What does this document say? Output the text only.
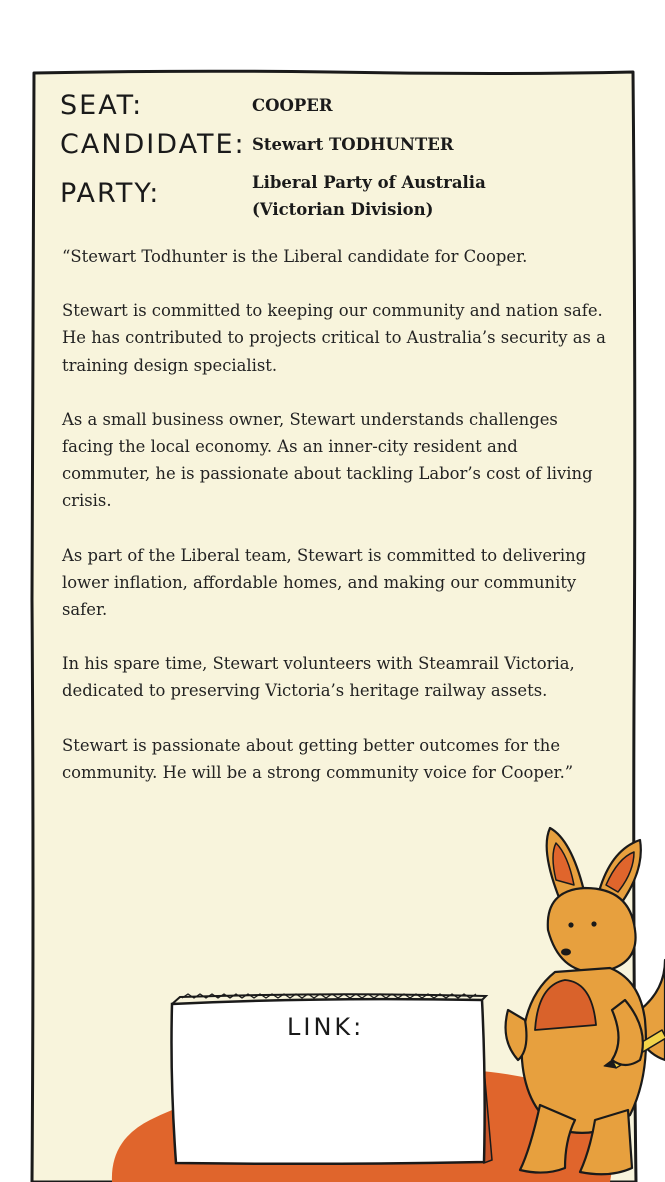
SEAT:	COOPER
CANDIDATE: Stewart TODHUNTER
PARTY:	Liberal Party of Australia
(Victorian Division)

“Stewart Todhunter is the Liberal candidate for Cooper.

Stewart is committed to keeping our community and nation safe. He has contributed to projects critical to Australia’s security as a training design specialist.

As a small business owner, Stewart understands challenges facing the local economy. As an inner-city resident and commuter, he is passionate about tackling Labor’s cost of living crisis.

As part of the Liberal team, Stewart is committed to delivering lower inflation, affordable homes, and making our community safer.

In his spare time, Stewart volunteers with Steamrail Victoria, dedicated to preserving Victoria’s heritage railway assets.

Stewart is passionate about getting better outcomes for the community. He will be a strong community voice for Cooper.”

LINK:
